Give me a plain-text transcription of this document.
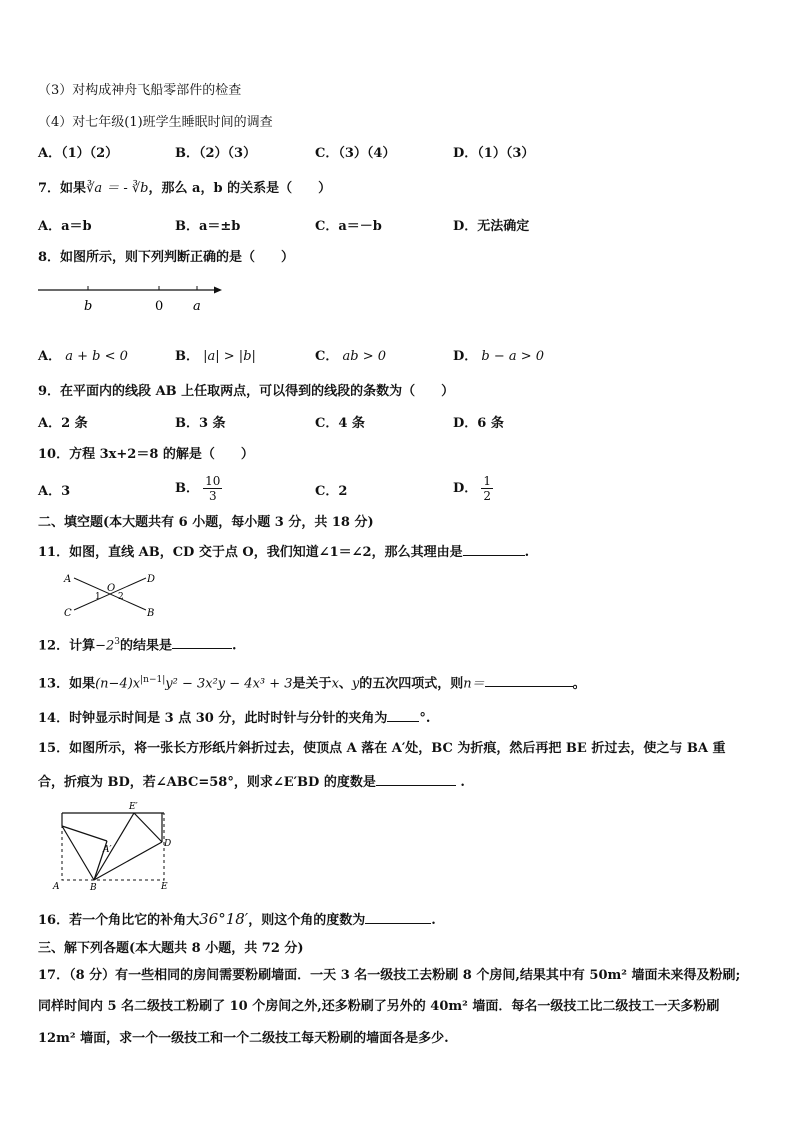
（3）对构成神舟飞船零部件的检查
（4）对七年级(1)班学生睡眠时间的调查
A．（1）（2）	B．（2）（3）	C．（3）（4）	D．（1）（3）
7．如果∛a ＝ - ∛b，那么 a，b 的关系是（　　）
A．a＝b	B．a＝±b	C．a＝－b	D．无法确定
8．如图所示，则下列判断正确的是（　　）
b	0 a
A． a + b < 0	B． |a| > |b|	C． ab > 0	D． b − a > 0
9．在平面内的线段 AB 上任取两点，可以得到的线段的条数为（　　）
A．2 条	B．3 条	C．4 条	D．6 条
10．方程 3x+2＝8 的解是（　　）
A．3	B． $\frac{10}{3}$	C．2	D． $\frac{1}{2}$
二、填空题(本大题共有 6 小题，每小题 3 分，共 18 分)
11．如图，直线 AB，CD 交于点 O，我们知道∠1＝∠2，那么其理由是	.
A	D
C	B
O
1 2
12．计算$-2^3$的结果是	.
13．如果$(n-4)x^{|n-1|}y^2 - 3x^2y - 4x^3 + 3$是关于x、y的五次四项式，则n＝	。
14．时钟显示时间是 3 点 30 分，此时时针与分针的夹角为 °.
15．如图所示，将一张长方形纸片斜折过去，使顶点 A 落在 A′处，BC 为折痕，然后再把 BE 折过去，使之与 BA 重
合，折痕为 BD，若∠ABC=58°，则求∠E′BD 的度数是	.
E′
A′
D
A	B	E
16．若一个角比它的补角大36°18′，则这个角的度数为	.
三、解下列各题(本大题共 8 小题，共 72 分)
17．（8 分）有一些相同的房间需要粉刷墙面．一天 3 名一级技工去粉刷 8 个房间,结果其中有 50m² 墙面未来得及粉刷;
同样时间内 5 名二级技工粉刷了 10 个房间之外,还多粉刷了另外的 40m² 墙面．每名一级技工比二级技工一天多粉刷
12m² 墙面，求一个一级技工和一个二级技工每天粉刷的墙面各是多少.
